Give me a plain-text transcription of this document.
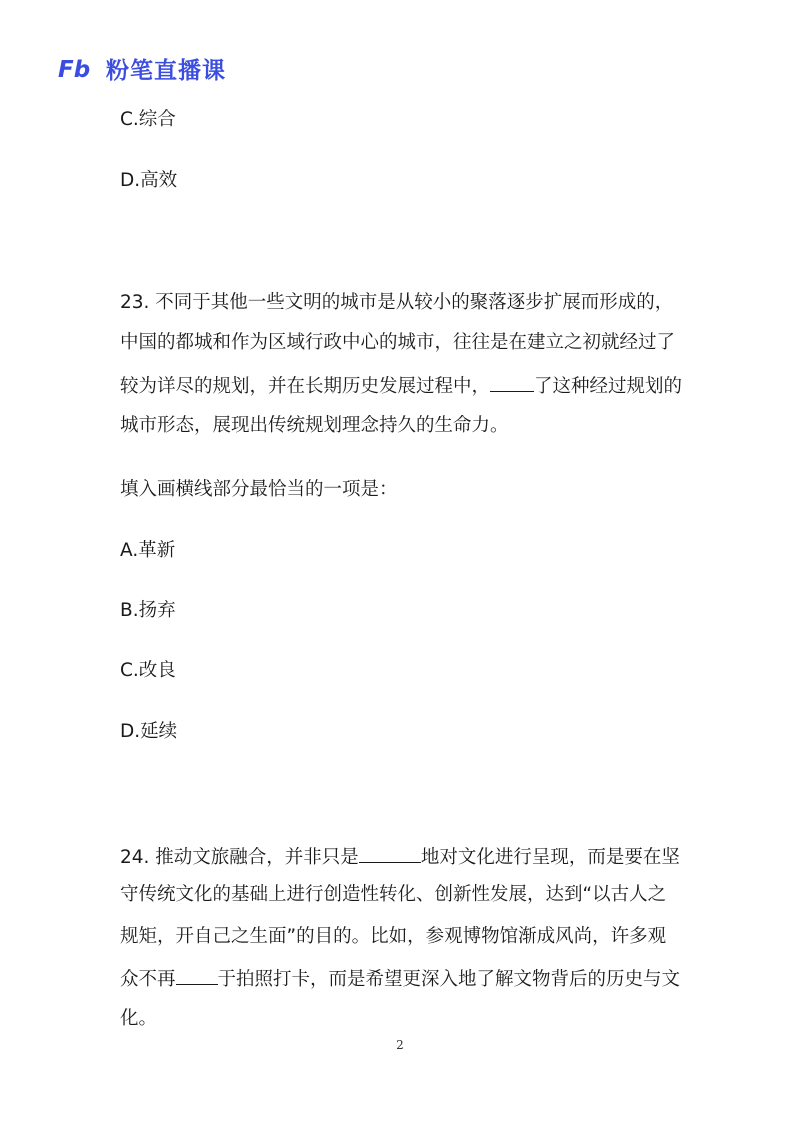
Fb 粉笔直播课
C.综合
D.高效
23. 不同于其他一些文明的城市是从较小的聚落逐步扩展而形成的，
中国的都城和作为区域行政中心的城市，往往是在建立之初就经过了
较为详尽的规划，并在长期历史发展过程中， 了这种经过规划的
城市形态，展现出传统规划理念持久的生命力。
填入画横线部分最恰当的一项是：
A.革新
B.扬弃
C.改良
D.延续
24. 推动文旅融合，并非只是	地对文化进行呈现，而是要在坚
守传统文化的基础上进行创造性转化、创新性发展，达到“以古人之
规矩，开自己之生面”的目的。比如，参观博物馆渐成风尚，许多观
众不再 于拍照打卡，而是希望更深入地了解文物背后的历史与文
化。
2
